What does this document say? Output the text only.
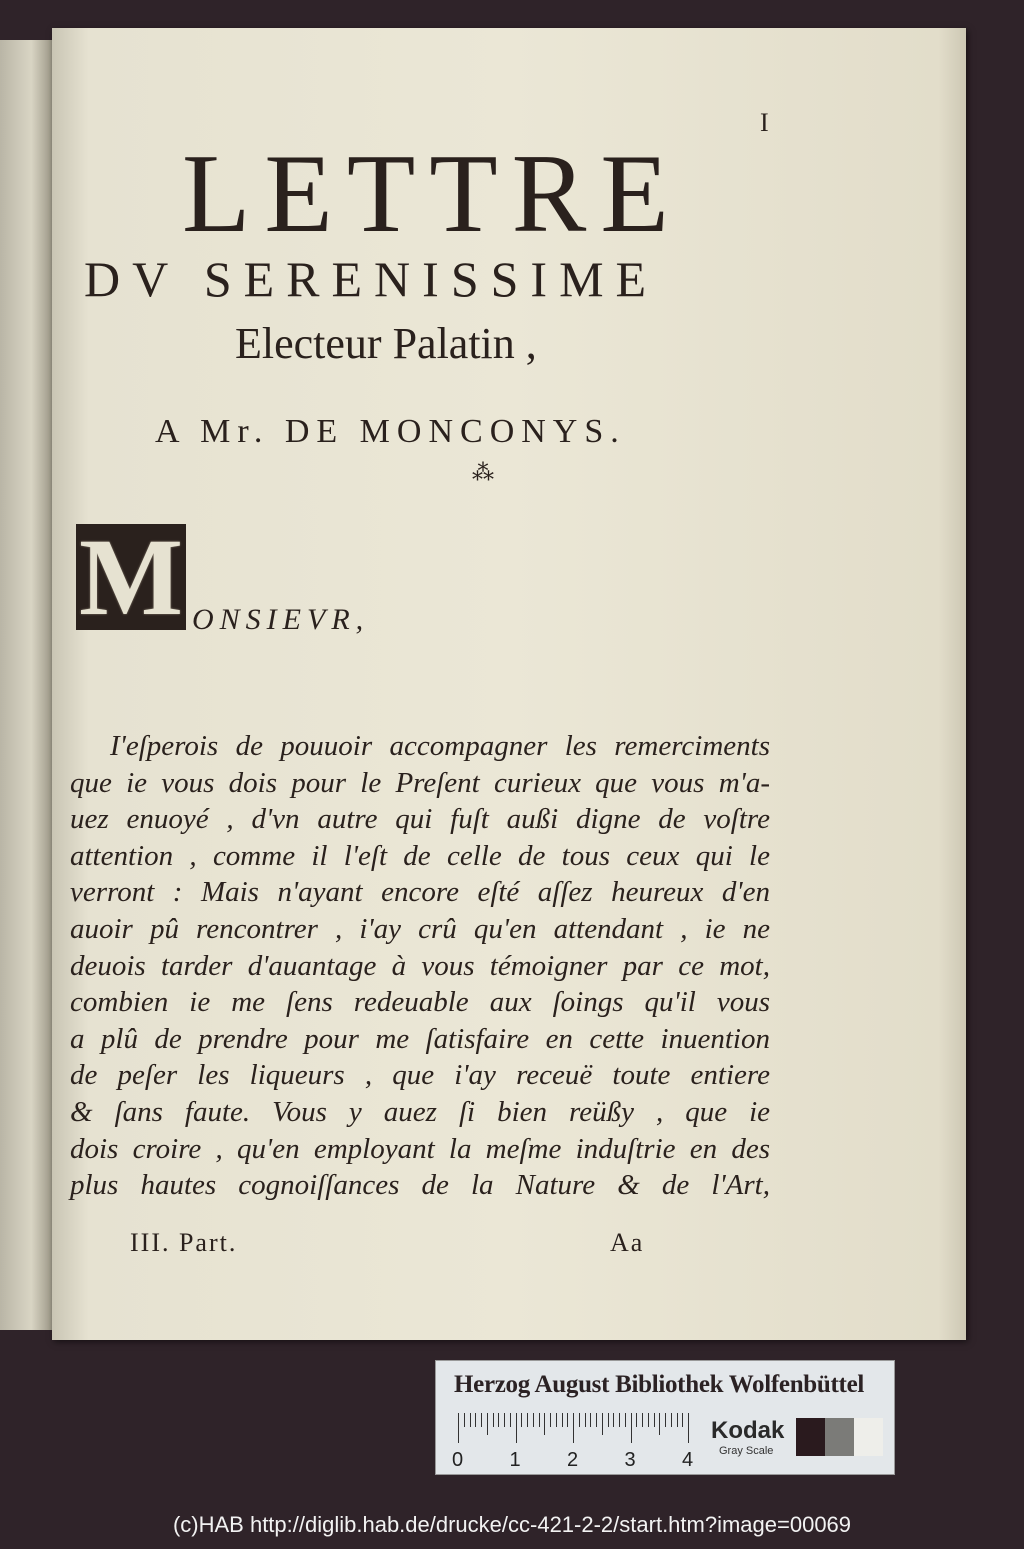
I
LETTRE
DV SERENISSIME
Electeur Palatin ,
A Mr. DE MONCONYS.
⁂
M ONSIEVR,
I'eſperois de pouuoir accompagner les remerciments
que ie vous dois pour le Preſent curieux que vous m'a-
uez enuoyé , d'vn autre qui fuſt außi digne de voſtre
attention , comme il l'eſt de celle de tous ceux qui le
verront : Mais n'ayant encore eſté aſſez heureux d'en
auoir pû rencontrer , i'ay crû qu'en attendant , ie ne
deuois tarder d'auantage à vous témoigner par ce mot,
combien ie me ſens redeuable aux ſoings qu'il vous
a plû de prendre pour me ſatisfaire en cette inuention
de peſer les liqueurs , que i'ay receuë toute entiere
& ſans faute. Vous y auez ſi bien reüßy , que ie
dois croire , qu'en employant la meſme induſtrie en des
plus hautes cognoiſſances de la Nature & de l'Art,
III. Part.	Aa
Herzog August Bibliothek Wolfenbüttel
Kodak
Gray Scale
0 1 2 3 4
(c)HAB http://diglib.hab.de/drucke/cc-421-2-2/start.htm?image=00069
